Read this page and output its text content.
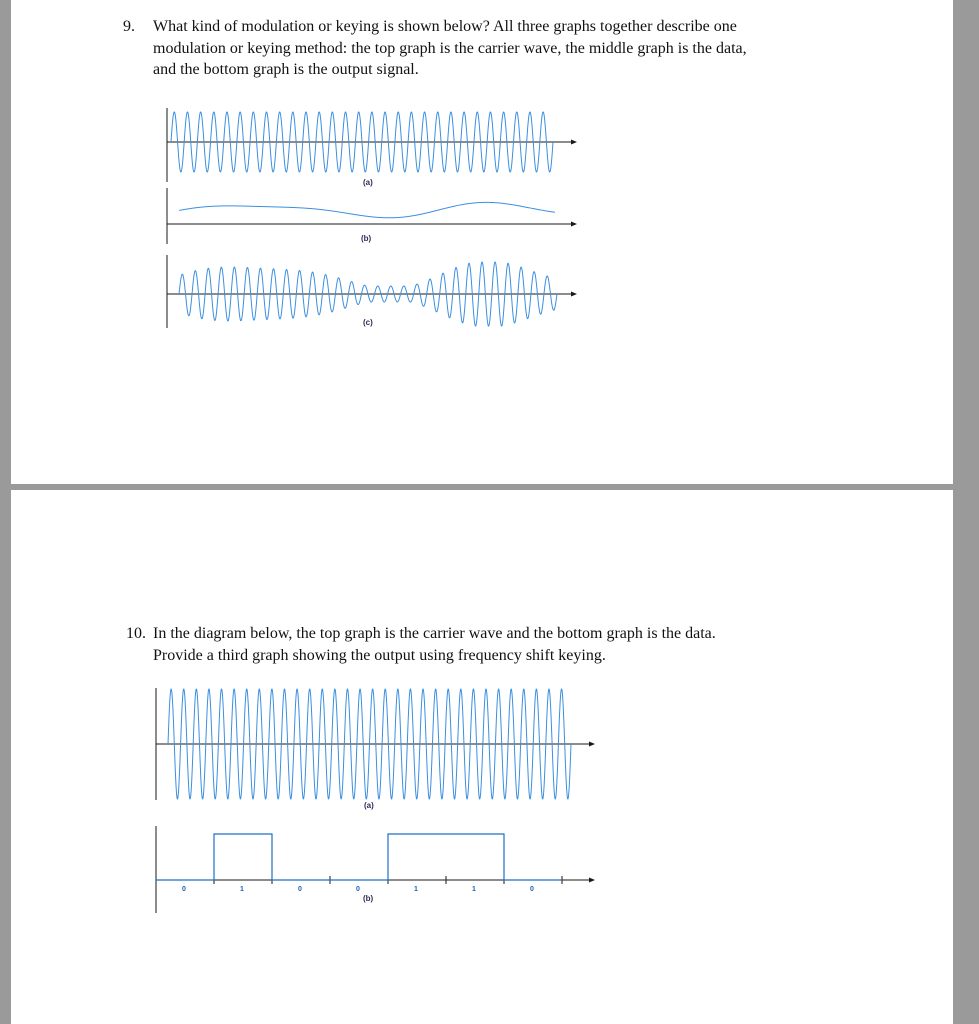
9. What kind of modulation or keying is shown below? All three graphs together describe one
modulation or keying method: the top graph is the carrier wave, the middle graph is the data,
and the bottom graph is the output signal.
(a)
(b)
(c)
10. In the diagram below, the top graph is the carrier wave and the bottom graph is the data.
Provide a third graph showing the output using frequency shift keying.
(a)
0	1	0	0	1	1	0
(b)
